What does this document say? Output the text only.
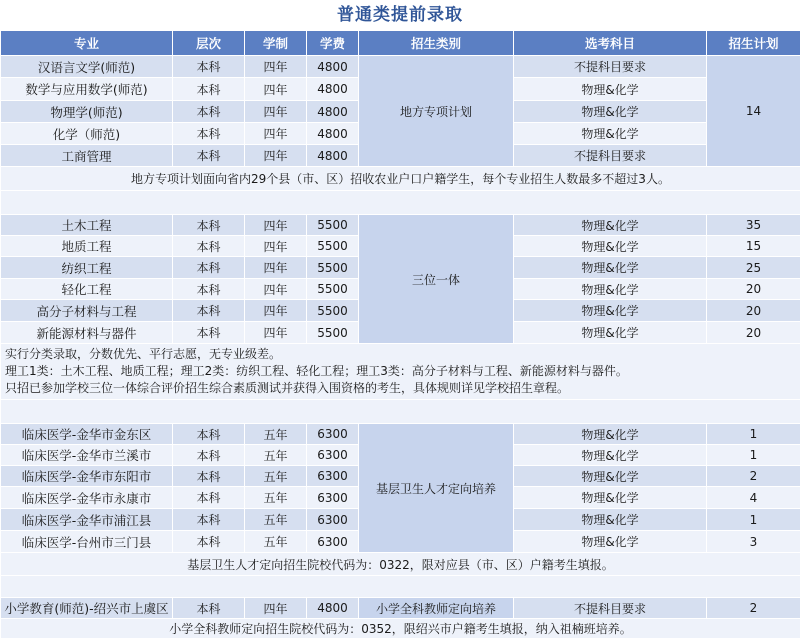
普通类提前录取
专业	层次	学制	学费	招生类别	选考科目	招生计划
汉语言文学(师范)	本科	四年	4800	地方专项计划	不提科目要求	14
数学与应用数学(师范)	本科	四年	4800		物理&化学	
物理学(师范)	本科	四年	4800		物理&化学	
化学（师范)	本科	四年	4800		物理&化学	
工商管理	本科	四年	4800		不提科目要求	
地方专项计划面向省内29个县（市、区）招收农业户口户籍学生，每个专业招生人数最多不超过3人。						

土木工程	本科	四年	5500	三位一体	物理&化学	35
地质工程	本科	四年	5500		物理&化学	15
纺织工程	本科	四年	5500		物理&化学	25
轻化工程	本科	四年	5500		物理&化学	20
高分子材料与工程	本科	四年	5500		物理&化学	20
新能源材料与器件	本科	四年	5500		物理&化学	20

实行分类录取，分数优先、平行志愿，无专业级差。
理工1类：土木工程、地质工程；理工2类：纺织工程、轻化工程；理工3类：高分子材料与工程、新能源材料与器件。
只招已参加学校三位一体综合评价招生综合素质测试并获得入围资格的考生，具体规则详见学校招生章程。						

临床医学-金华市金东区	本科	五年	6300	基层卫生人才定向培养	物理&化学	1
临床医学-金华市兰溪市	本科	五年	6300		物理&化学	1
临床医学-金华市东阳市	本科	五年	6300		物理&化学	2
临床医学-金华市永康市	本科	五年	6300		物理&化学	4
临床医学-金华市浦江县	本科	五年	6300		物理&化学	1
临床医学-台州市三门县	本科	五年	6300		物理&化学	3
基层卫生人才定向招生院校代码为：0322，限对应县（市、区）户籍考生填报。						

小学教育(师范)-绍兴市上虞区	本科	四年	4800	小学全科教师定向培养	不提科目要求	2
小学全科教师定向招生院校代码为：0352，限绍兴市户籍考生填报，纳入祖楠班培养。						
